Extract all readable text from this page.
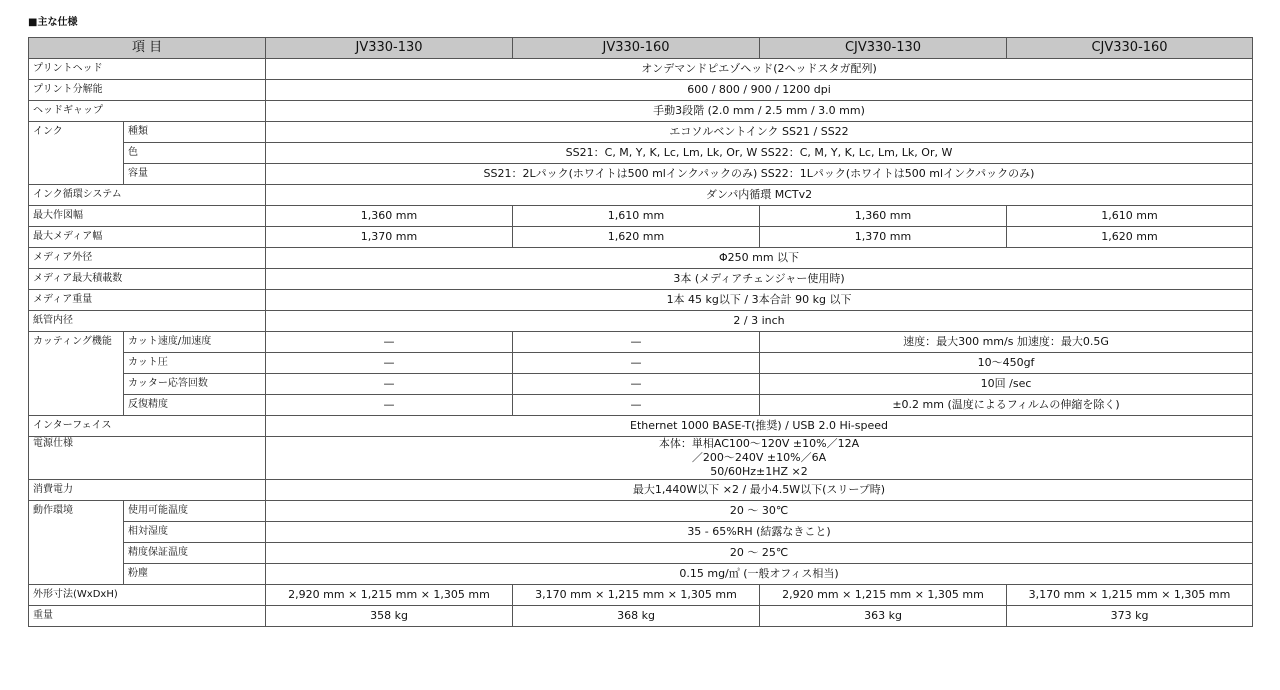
■主な仕様
項 目		JV330-130	JV330-160	CJV330-130	CJV330-160
プリントヘッド		オンデマンドピエゾヘッド(2ヘッドスタガ配列)			
プリント分解能		600 / 800 / 900 / 1200 dpi			
ヘッドギャップ		手動3段階 (2.0 mm / 2.5 mm / 3.0 mm)			
インク	種類	エコソルベントインク SS21 / SS22			
	色	SS21：C, M, Y, K, Lc, Lm, Lk, Or, W SS22：C, M, Y, K, Lc, Lm, Lk, Or, W			
	容量	SS21：2Lパック(ホワイトは500 mlインクパックのみ) SS22：1Lパック(ホワイトは500 mlインクパックのみ)			
インク循環システム		ダンパ内循環 MCTv2			
最大作図幅		1,360 mm	1,610 mm	1,360 mm	1,610 mm
最大メディア幅		1,370 mm	1,620 mm	1,370 mm	1,620 mm
メディア外径		Φ250 mm 以下			
メディア最大積載数		3本 (メディアチェンジャー使用時)			
メディア重量		1本 45 kg以下 / 3本合計 90 kg 以下			
紙管内径		2 / 3 inch			
カッティング機能	カット速度/加速度	—	—	速度：最大300 mm/s 加速度：最大0.5G	
	カット圧	—	—	10〜450gf	
	カッター応答回数	—	—	10回 /sec	
	反復精度	—	—	±0.2 mm (温度によるフィルムの伸縮を除く)	
インターフェイス		Ethernet 1000 BASE-T(推奨) / USB 2.0 Hi-speed			
電源仕様		本体：単相AC100〜120V ±10%／12A
／200〜240V ±10%／6A
50/60Hz±1HZ ×2			

消費電力		最大1,440W以下 ×2 / 最小4.5W以下(スリープ時)			
動作環境	使用可能温度	20 〜 30℃			
	相対湿度	35 - 65%RH (結露なきこと)			
	精度保証温度	20 〜 25℃			
	粉塵	0.15 mg/㎥ (一般オフィス相当)			
外形寸法(WxDxH)		2,920 mm × 1,215 mm × 1,305 mm	3,170 mm × 1,215 mm × 1,305 mm	2,920 mm × 1,215 mm × 1,305 mm	3,170 mm × 1,215 mm × 1,305 mm
重量		358 kg	368 kg	363 kg	373 kg
